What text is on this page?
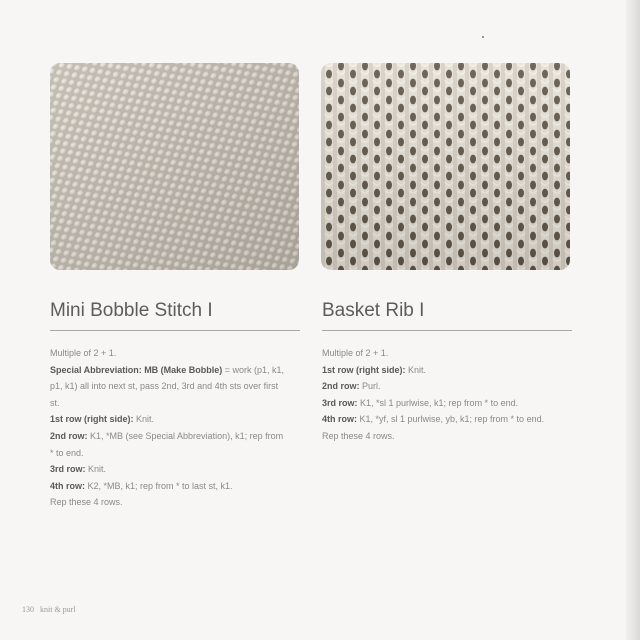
Mini Bobble Stitch I
Multiple of 2 + 1.
Special Abbreviation: MB (Make Bobble) = work (p1, k1,
p1, k1) all into next st, pass 2nd, 3rd and 4th sts over first
st.
1st row (right side): Knit.
2nd row: K1, *MB (see Special Abbreviation), k1; rep from
* to end.
3rd row: Knit.
4th row: K2, *MB, k1; rep from * to last st, k1.
Rep these 4 rows.
Basket Rib I
Multiple of 2 + 1.
1st row (right side): Knit.
2nd row: Purl.
3rd row: K1, *sl 1 purlwise, k1; rep from * to end.
4th row: K1, *yf, sl 1 purlwise, yb, k1; rep from * to end.
Rep these 4 rows.
130 knit & purl
